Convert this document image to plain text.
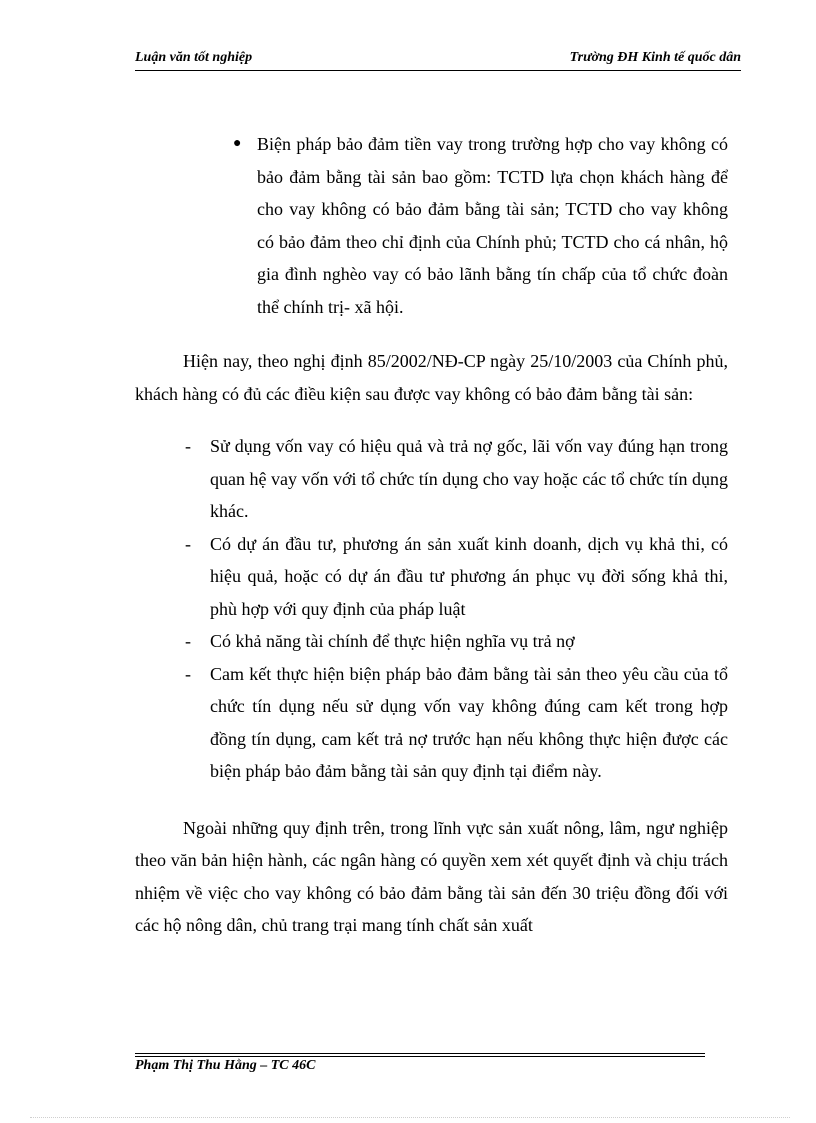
Luận văn tốt nghiệp	Trường ĐH Kinh tế quốc dân
● Biện pháp bảo đảm tiền vay trong trường hợp cho vay không có bảo đảm bằng tài sản bao gồm: TCTD lựa chọn khách hàng để cho vay không có bảo đảm bằng tài sản; TCTD cho vay không có bảo đảm theo chỉ định của Chính phủ; TCTD cho cá nhân, hộ gia đình nghèo vay có bảo lãnh bằng tín chấp của tổ chức đoàn thể chính trị- xã hội.
Hiện nay, theo nghị định 85/2002/NĐ-CP ngày 25/10/2003 của Chính phủ, khách hàng có đủ các điều kiện sau được vay không có bảo đảm bằng tài sản:
- Sử dụng vốn vay có hiệu quả và trả nợ gốc, lãi vốn vay đúng hạn trong quan hệ vay vốn với tổ chức tín dụng cho vay hoặc các tổ chức tín dụng khác.
- Có dự án đầu tư, phương án sản xuất kinh doanh, dịch vụ khả thi, có hiệu quả, hoặc có dự án đầu tư phương án phục vụ đời sống khả thi, phù hợp với quy định của pháp luật
- Có khả năng tài chính để thực hiện nghĩa vụ trả nợ
- Cam kết thực hiện biện pháp bảo đảm bằng tài sản theo yêu cầu của tổ chức tín dụng nếu sử dụng vốn vay không đúng cam kết trong hợp đồng tín dụng, cam kết trả nợ trước hạn nếu không thực hiện được các biện pháp bảo đảm bằng tài sản quy định tại điểm này.
Ngoài những quy định trên, trong lĩnh vực sản xuất nông, lâm, ngư nghiệp theo văn bản hiện hành, các ngân hàng có quyền xem xét quyết định và chịu trách nhiệm về việc cho vay không có bảo đảm bằng tài sản đến 30 triệu đồng đối với các hộ nông dân, chủ trang trại mang tính chất sản xuất
Phạm Thị Thu Hằng – TC 46C
